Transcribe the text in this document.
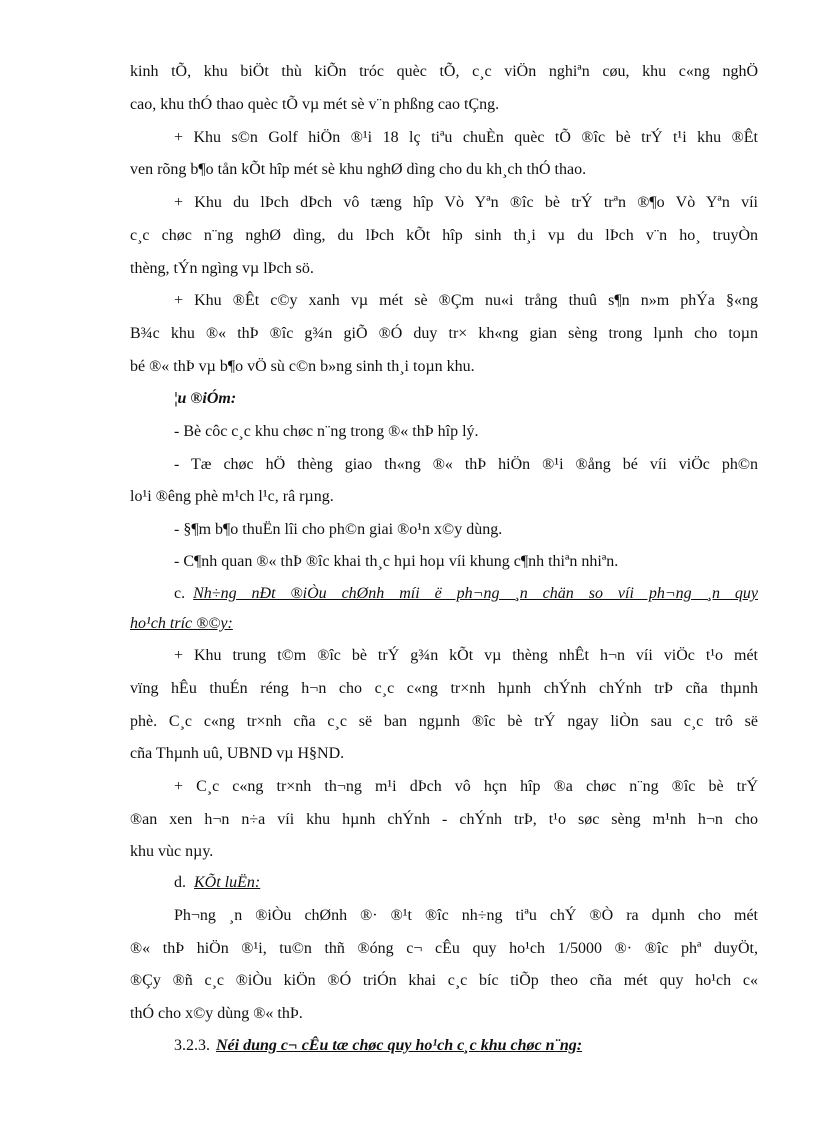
kinh tÕ, khu biÖt thù kiÕn tróc quèc tÕ, c¸c viÖn nghiªn cøu, khu c«ng nghÖ
cao, khu thÓ thao quèc tÕ vµ mét sè v¨n phßng cao tÇng.
+ Khu s©n Golf hiÖn ®¹i 18 lç tiªu chuÈn quèc tÕ ®îc bè trÝ t¹i khu ®Êt
ven rõng b¶o tån kÕt hîp mét sè khu nghØ dìng cho du kh¸ch thÓ thao.
+ Khu du lÞch dÞch vô tæng hîp Vò Yªn ®îc bè trÝ trªn ®¶o Vò Yªn víi
c¸c chøc n¨ng nghØ dìng, du lÞch kÕt hîp sinh th¸i vµ du lÞch v¨n ho¸ truyÒn
thèng, tÝn ngìng vµ lÞch sö.
+ Khu ®Êt c©y xanh vµ mét sè ®Çm nu«i trång thuû s¶n n»m phÝa §«ng
B¾c khu ®« thÞ ®îc g¾n giÕ ®Ó duy tr× kh«ng gian sèng trong lµnh cho toµn
bé ®« thÞ vµ b¶o vÖ sù c©n b»ng sinh th¸i toµn khu.
¦u ®iÓm:
- Bè côc c¸c khu chøc n¨ng trong ®« thÞ hîp lý.
- Tæ chøc hÖ thèng giao th«ng ®« thÞ hiÖn ®¹i ®ång bé víi viÖc ph©n
lo¹i ®êng phè m¹ch l¹c, râ rµng.
- §¶m b¶o thuËn lîi cho ph©n giai ®o¹n x©y dùng.
- C¶nh quan ®« thÞ ®îc khai th¸c hµi hoµ víi khung c¶nh thiªn nhiªn.
c. Nh÷ng nÐt ®iÒu chØnh míi ë ph¬ng ¸n chän so víi ph¬ng ¸n quy
ho¹ch tríc ®©y:
+ Khu trung t©m ®îc bè trÝ g¾n kÕt vµ thèng nhÊt h¬n víi viÖc t¹o mét
vïng hÊu thuÉn réng h¬n cho c¸c c«ng tr×nh hµnh chÝnh chÝnh trÞ cña thµnh
phè. C¸c c«ng tr×nh cña c¸c së ban ngµnh ®îc bè trÝ ngay liÒn sau c¸c trô së
cña Thµnh uû, UBND vµ H§ND.
+ C¸c c«ng tr×nh th¬ng m¹i dÞch vô hçn hîp ®a chøc n¨ng ®îc bè trÝ
®an xen h¬n n÷a víi khu hµnh chÝnh - chÝnh trÞ, t¹o søc sèng m¹nh h¬n cho
khu vùc nµy.
d. KÕt luËn:
Ph¬ng ¸n ®iÒu chØnh ®· ®¹t ®îc nh÷ng tiªu chÝ ®Ò ra dµnh cho mét
®« thÞ hiÖn ®¹i, tu©n thñ ®óng c¬ cÊu quy ho¹ch 1/5000 ®· ®îc phª duyÖt,
®Çy ®ñ c¸c ®iÒu kiÖn ®Ó triÓn khai c¸c bíc tiÕp theo cña mét quy ho¹ch c«
thÓ cho x©y dùng ®« thÞ.
3.2.3. Néi dung c¬ cÊu tæ chøc quy ho¹ch c¸c khu chøc n¨ng:
